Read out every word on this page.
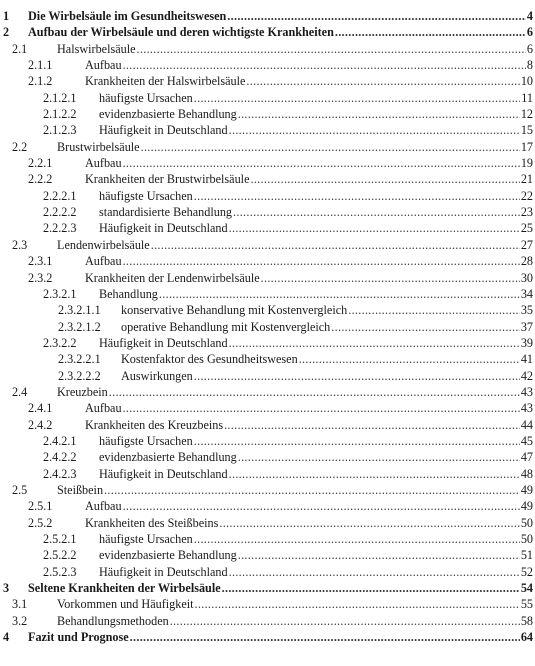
1 Die Wirbelsäule im Gesundheitswesen .....	4
2 Aufbau der Wirbelsäule und deren wichtigste Krankheiten .....	6
2.1 Halswirbelsäule .....	6
2.1.1	Aufbau .....	8
2.1.2	Krankheiten der Halswirbelsäule .....	10
2.1.2.1 häufigste Ursachen .....	11
2.1.2.2 evidenzbasierte Behandlung .....	12
2.1.2.3 Häufigkeit in Deutschland .....	15
2.2 Brustwirbelsäule .....	17
2.2.1	Aufbau .....	19
2.2.2	Krankheiten der Brustwirbelsäule .....	21
2.2.2.1 häufigste Ursachen .....	22
2.2.2.2 standardisierte Behandlung .....	23
2.2.2.3 Häufigkeit in Deutschland .....	25
2.3 Lendenwirbelsäule .....	27
2.3.1	Aufbau .....	28
2.3.2	Krankheiten der Lendenwirbelsäule .....	30
2.3.2.1 Behandlung .....	34
2.3.2.1.1 konservative Behandlung mit Kostenvergleich .....	35
2.3.2.1.2 operative Behandlung mit Kostenvergleich .....	37
2.3.2.2 Häufigkeit in Deutschland .....	39
2.3.2.2.1 Kostenfaktor des Gesundheitswesen .....	41
2.3.2.2.2 Auswirkungen .....	42
2.4 Kreuzbein .....	43
2.4.1	Aufbau .....	43
2.4.2	Krankheiten des Kreuzbeins .....	44
2.4.2.1 häufigste Ursachen .....	45
2.4.2.2 evidenzbasierte Behandlung .....	47
2.4.2.3 Häufigkeit in Deutschland .....	48
2.5 Steißbein .....	49
2.5.1	Aufbau .....	49
2.5.2	Krankheiten des Steißbeins .....	50
2.5.2.1 häufigste Ursachen .....	50
2.5.2.2 evidenzbasierte Behandlung .....	51
2.5.2.3 Häufigkeit in Deutschland .....	52
3 Seltene Krankheiten der Wirbelsäule .....	54
3.1 Vorkommen und Häufigkeit .....	55
3.2 Behandlungsmethoden .....	58
4 Fazit und Prognose .....	64
